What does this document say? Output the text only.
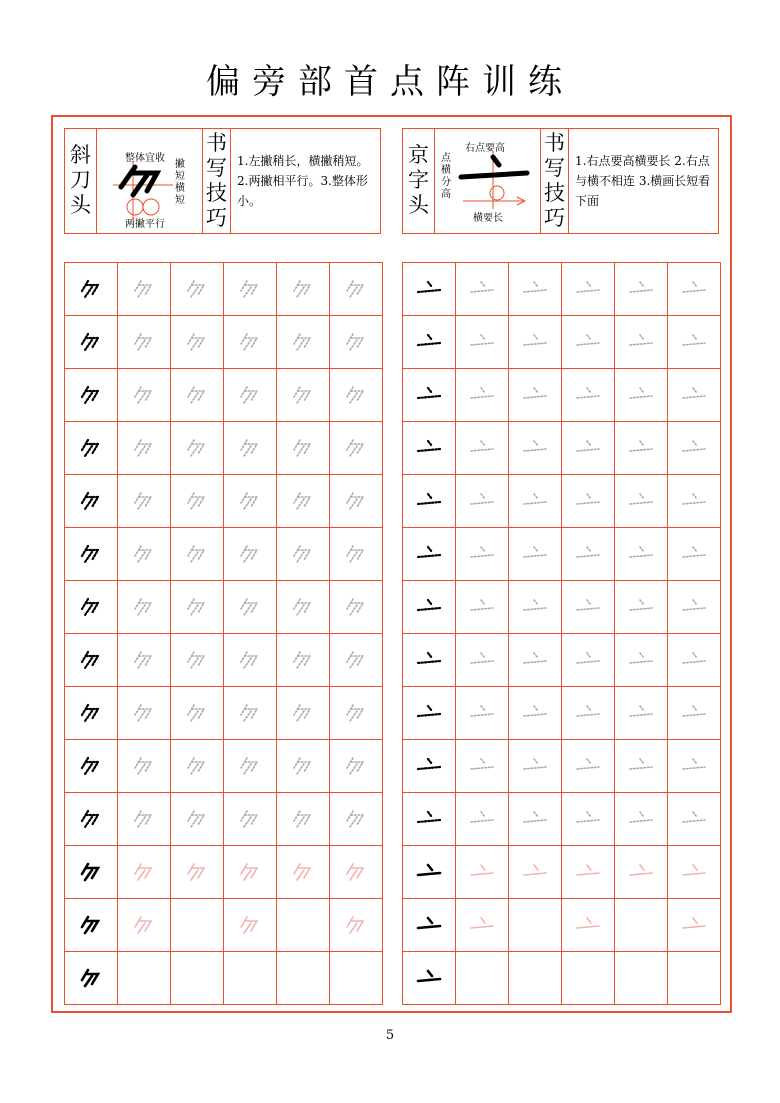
偏旁部首点阵训练
斜刀头
整体宜收
撇短横短
两撇平行
书写技巧
1.左撇稍长，横撇稍短。2.两撇相平行。3.整体形小。
京字头
右点要高
点横分高
横要长
书写技巧
1.右点要高横要长 2.右点与横不相连 3.横画长短看下面

5
